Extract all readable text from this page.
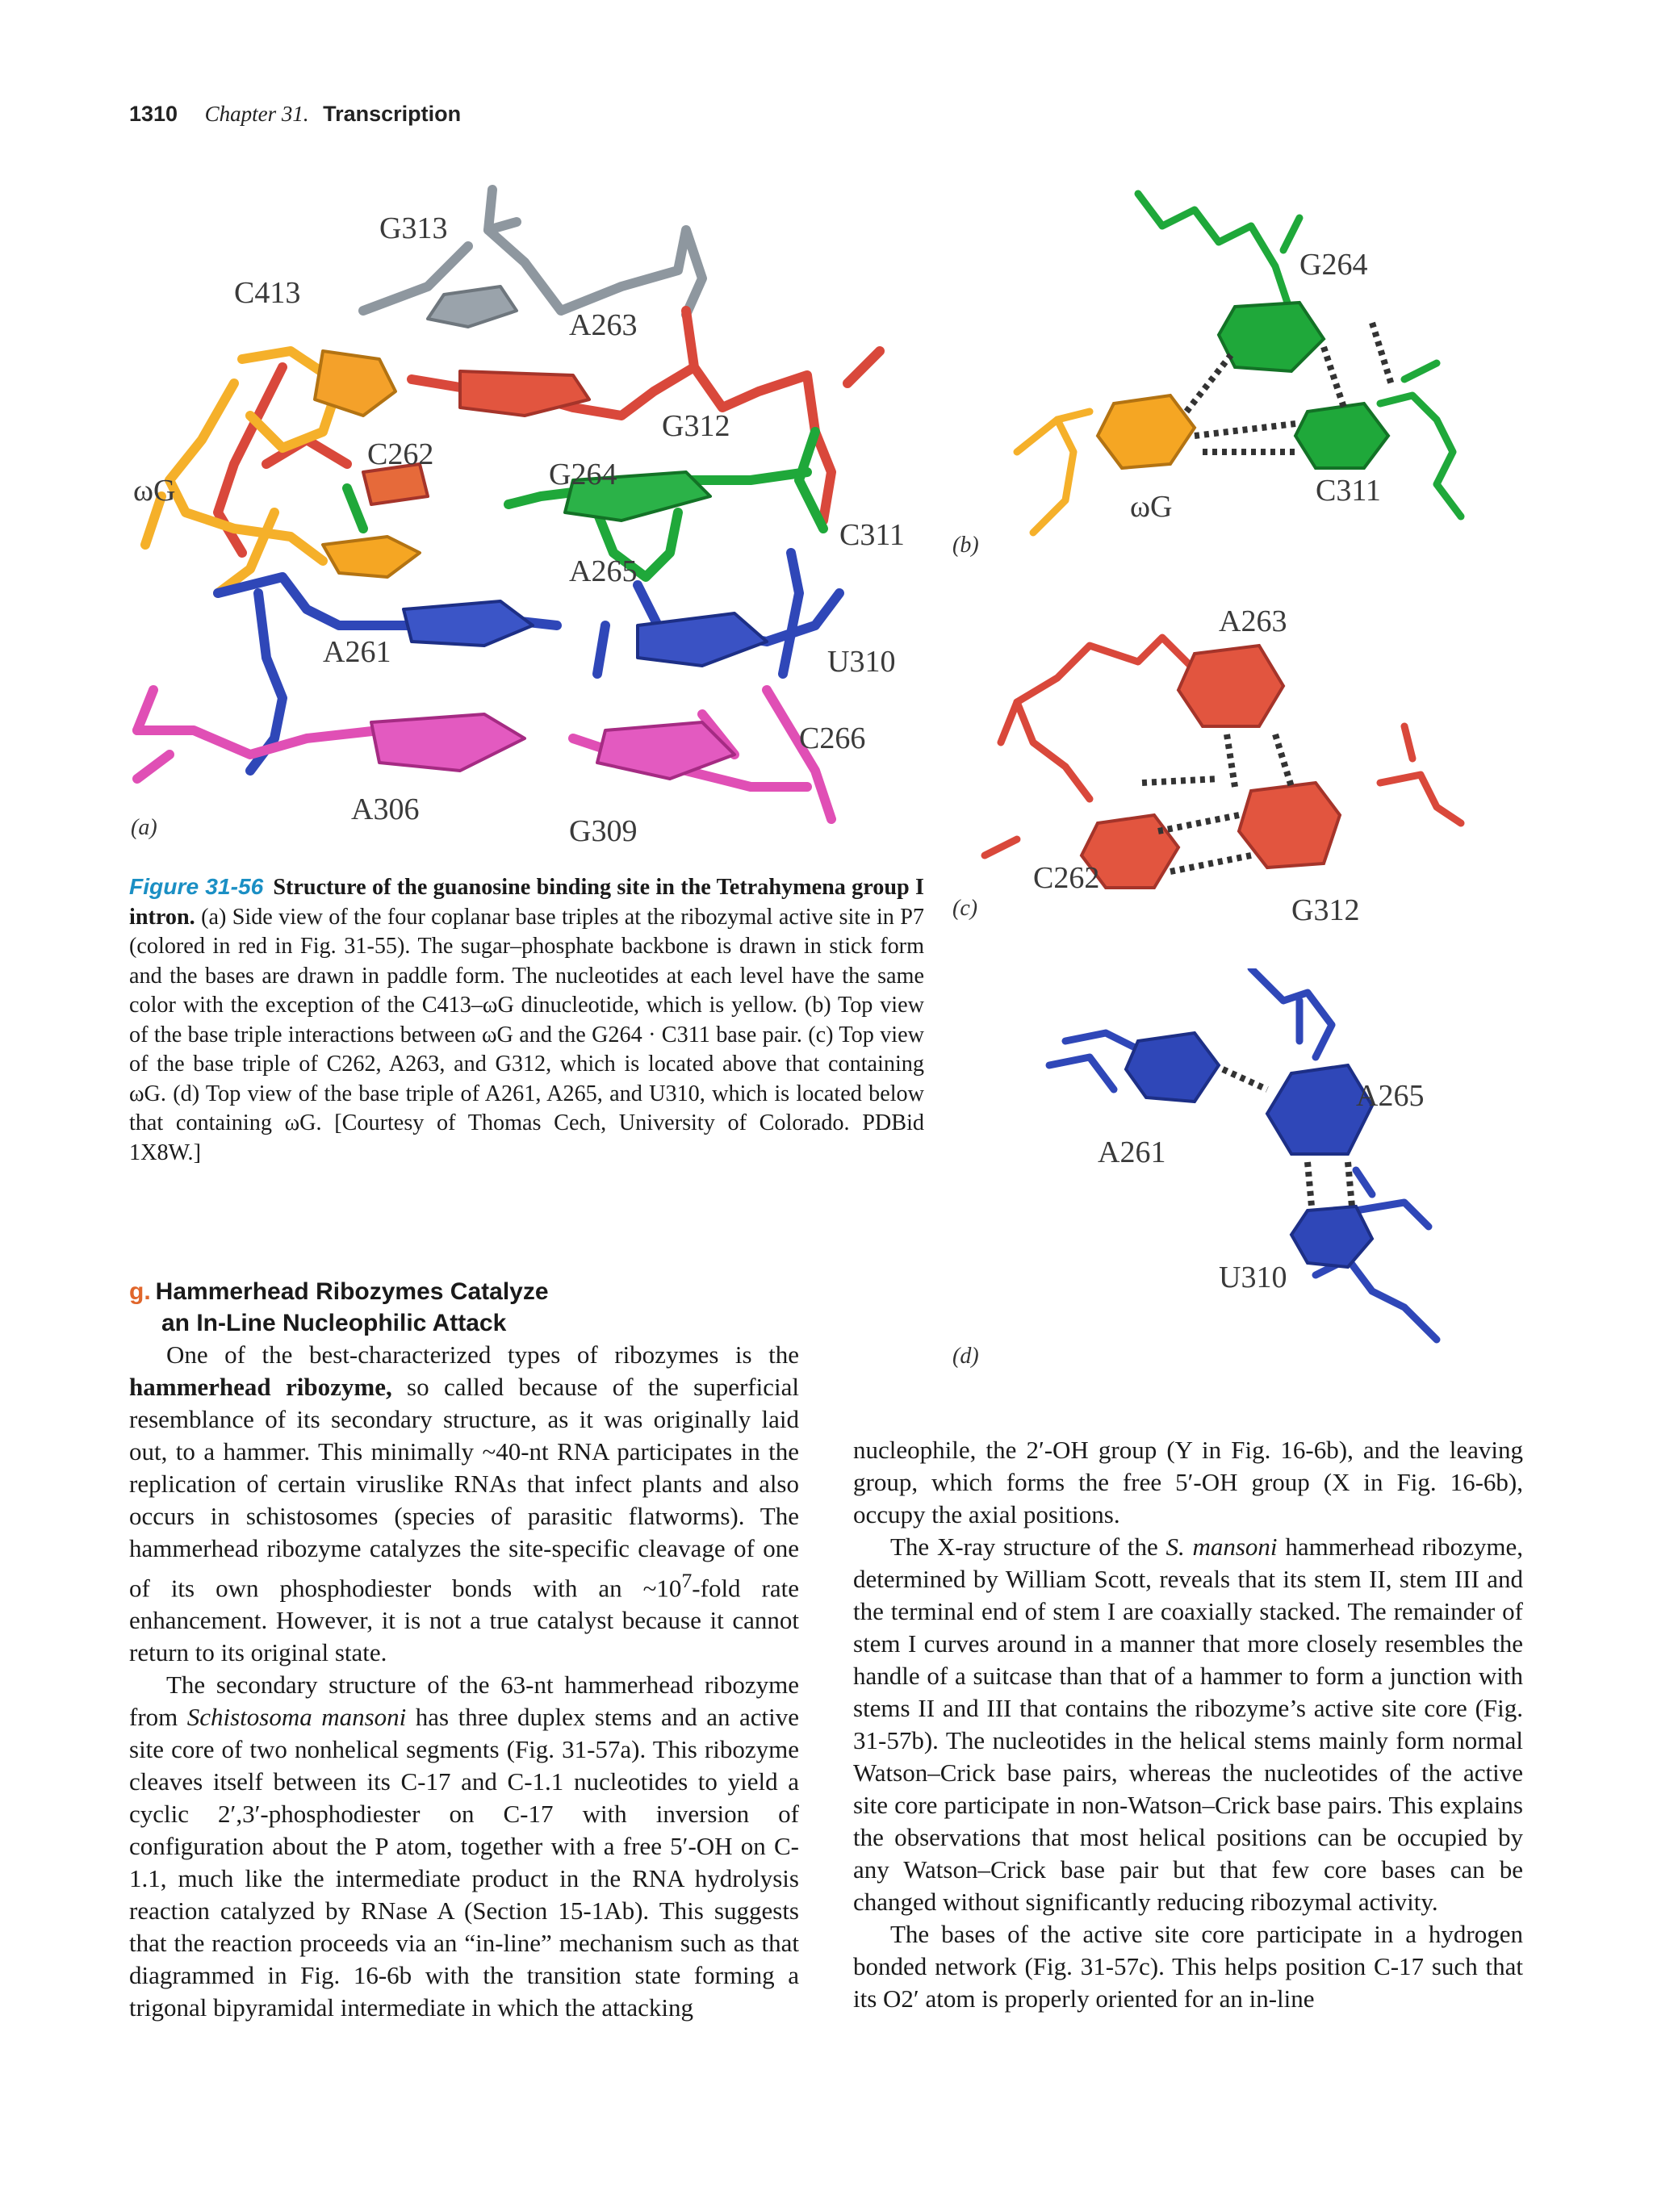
1310 Chapter 31. Transcription
G313
C413
A263
G312
C262
G264
ωG
C311
A265
A261	U310
C266
A306
G309
(a)
G264
ωG	C311
(b)
A263
C262
G312
(c)
A265
A261
U310
(d)
Figure 31-56 Structure of the guanosine binding site in the Tetrahymena group I intron. (a) Side view of the four coplanar base triples at the ribozymal active site in P7 (colored in red in Fig. 31-55). The sugar–phosphate backbone is drawn in stick form and the bases are drawn in paddle form. The nucleotides at each level have the same color with the exception of the C413–ωG dinucleotide, which is yellow. (b) Top view of the base triple interactions between ωG and the G264 · C311 base pair. (c) Top view of the base triple of C262, A263, and G312, which is located above that containing ωG. (d) Top view of the base triple of A261, A265, and U310, which is located below that containing ωG. [Courtesy of Thomas Cech, University of Colorado. PDBid 1X8W.]
g. Hammerhead Ribozymes Catalyze
an In-Line Nucleophilic Attack

One of the best-characterized types of ribozymes is the hammerhead ribozyme, so called because of the superficial resemblance of its secondary structure, as it was originally laid out, to a hammer. This minimally ~40-nt RNA participates in the replication of certain viruslike RNAs that infect plants and also occurs in schistosomes (species of parasitic flatworms). The hammerhead ribozyme catalyzes the site-specific cleavage of one of its own phosphodiester bonds with an $\sim 10^7$-fold rate enhancement. However, it is not a true catalyst because it cannot return to its original state.

The secondary structure of the 63-nt hammerhead ribozyme from Schistosoma mansoni has three duplex stems and an active site core of two nonhelical segments (Fig. 31-57a). This ribozyme cleaves itself between its C-17 and C-1.1 nucleotides to yield a cyclic 2′,3′-phosphodiester on C-17 with inversion of configuration about the P atom, together with a free 5′-OH on C-1.1, much like the intermediate product in the RNA hydrolysis reaction catalyzed by RNase A (Section 15-1Ab). This suggests that the reaction proceeds via an “in-line” mechanism such as that diagrammed in Fig. 16-6b with the transition state forming a trigonal bipyramidal intermediate in which the attacking

nucleophile, the 2′-OH group (Y in Fig. 16-6b), and the leaving group, which forms the free 5′-OH group (X in Fig. 16-6b), occupy the axial positions.

The X-ray structure of the S. mansoni hammerhead ribozyme, determined by William Scott, reveals that its stem II, stem III and the terminal end of stem I are coaxially stacked. The remainder of stem I curves around in a manner that more closely resembles the handle of a suitcase than that of a hammer to form a junction with stems II and III that contains the ribozyme’s active site core (Fig. 31-57b). The nucleotides in the helical stems mainly form normal Watson–Crick base pairs, whereas the nucleotides of the active site core participate in non-Watson–Crick base pairs. This explains the observations that most helical positions can be occupied by any Watson–Crick base pair but that few core bases can be changed without significantly reducing ribozymal activity.

The bases of the active site core participate in a hydrogen bonded network (Fig. 31-57c). This helps position C-17 such that its O2′ atom is properly oriented for an in-line
